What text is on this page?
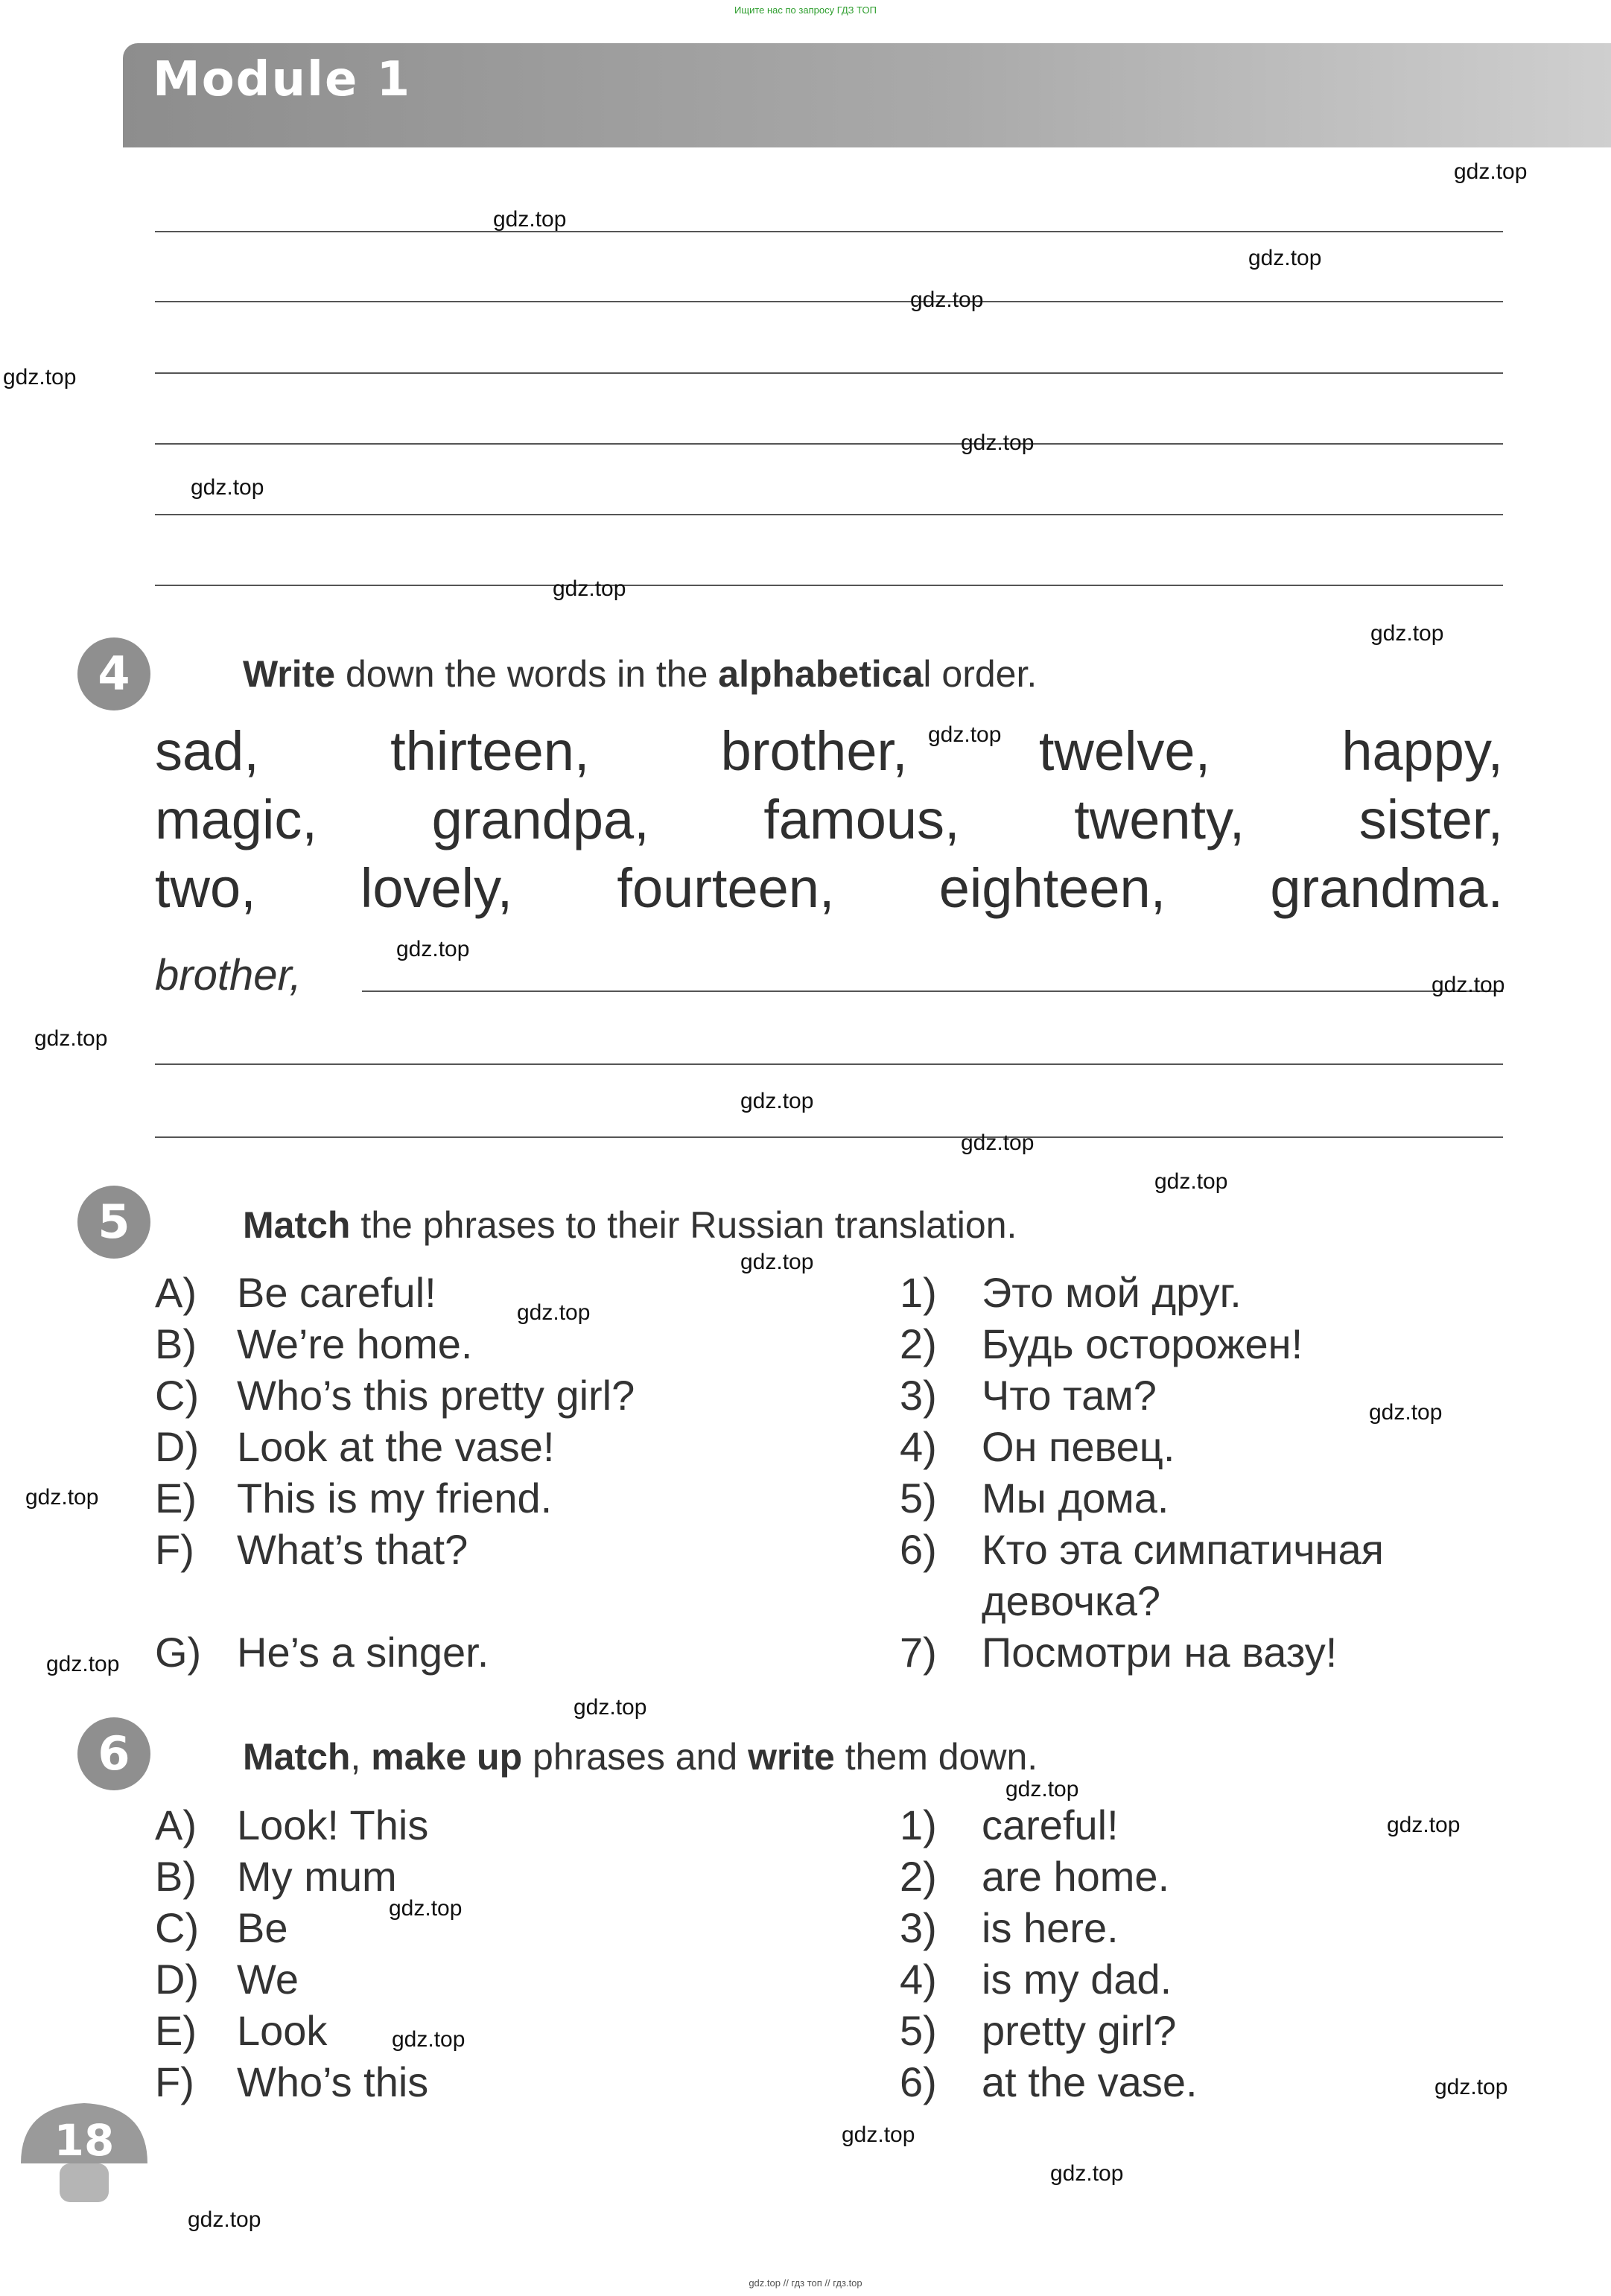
Ищите нас по запросу ГДЗ ТОП
gdz.top // гдз топ // гдз.top
Module 1
4	Write down the words in the alphabetical order.
sad, thirteen, brother, twelve, happy,
magic, grandpa, famous, twenty, sister,
two, lovely, fourteen, eighteen, grandma.
brother,
5	Match the phrases to their Russian translation.
A) Be careful!
B) We’re home.
C) Who’s this pretty girl?
D) Look at the vase!
E) This is my friend.
F) What’s that?
G) He’s a singer.
1) Это мой друг.
2) Будь осторожен!
3) Что там?
4) Он певец.
5) Мы дома.
6) Кто эта симпатичная
девочка?
7) Посмотри на вазу!
6	Match, make up phrases and write them down.
A) Look! This
B) My mum
C) Be
D) We
E) Look
F) Who’s this
1) careful!
2) are home.
3) is here.
4) is my dad.
5) pretty girl?
6) at the vase.
18
gdz.top
gdz.top
gdz.top
gdz.top
gdz.top
gdz.top
gdz.top
gdz.top
gdz.top
gdz.top
gdz.top
gdz.top
gdz.top
gdz.top
gdz.top
gdz.top
gdz.top
gdz.top
gdz.top
gdz.top
gdz.top
gdz.top
gdz.top
gdz.top
gdz.top
gdz.top
gdz.top
gdz.top
gdz.top
gdz.top
